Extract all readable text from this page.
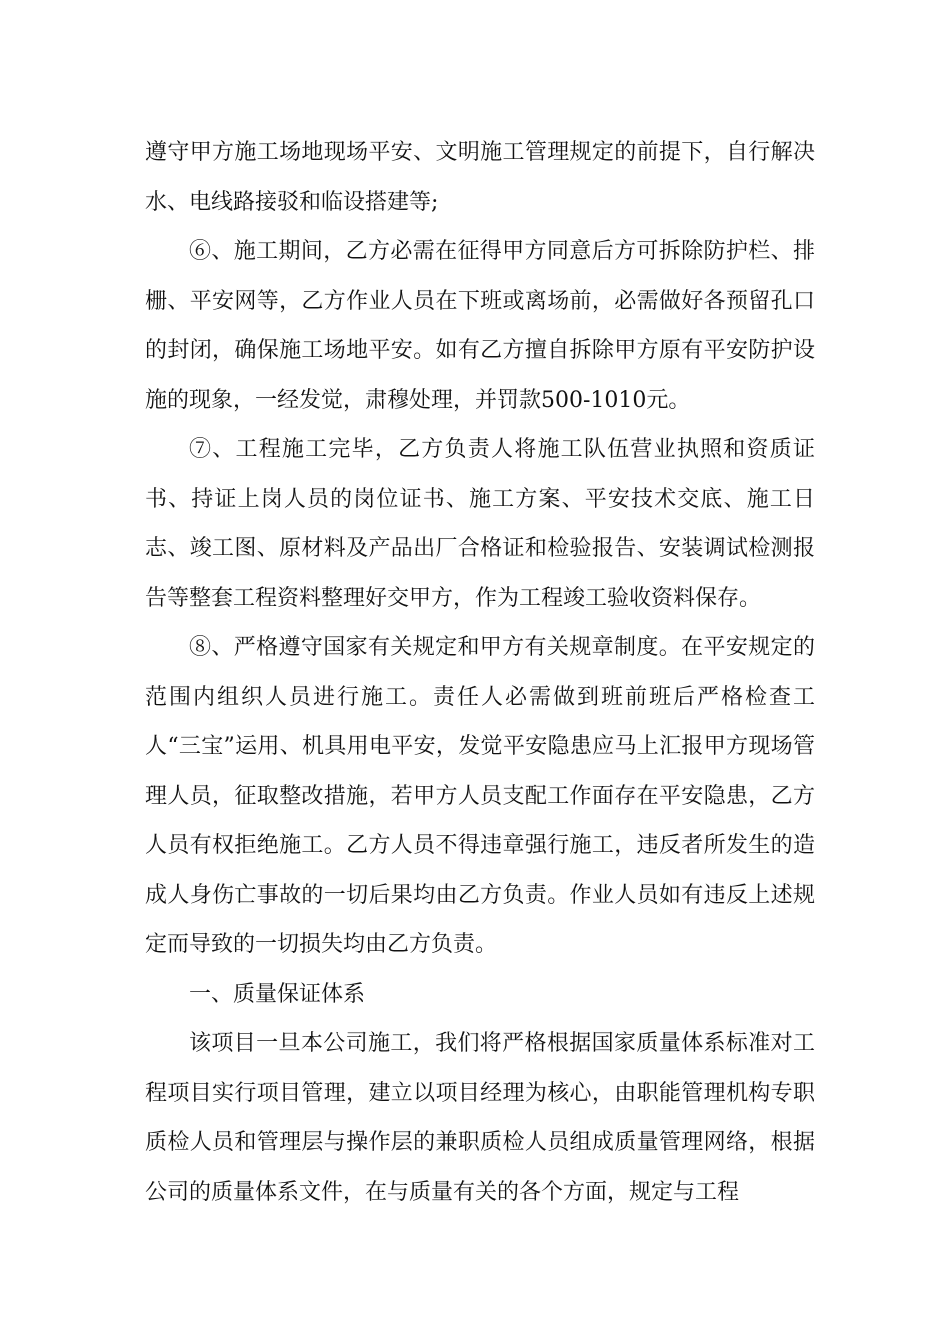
遵守甲方施工场地现场平安、文明施工管理规定的前提下，自行解决水、电线路接驳和临设搭建等;

⑥、施工期间，乙方必需在征得甲方同意后方可拆除防护栏、排栅、平安网等，乙方作业人员在下班或离场前，必需做好各预留孔口的封闭，确保施工场地平安。如有乙方擅自拆除甲方原有平安防护设施的现象，一经发觉，肃穆处理，并罚款500-1010元。

⑦、工程施工完毕，乙方负责人将施工队伍营业执照和资质证书、持证上岗人员的岗位证书、施工方案、平安技术交底、施工日志、竣工图、原材料及产品出厂合格证和检验报告、安装调试检测报告等整套工程资料整理好交甲方，作为工程竣工验收资料保存。

⑧、严格遵守国家有关规定和甲方有关规章制度。在平安规定的范围内组织人员进行施工。责任人必需做到班前班后严格检查工人“三宝”运用、机具用电平安，发觉平安隐患应马上汇报甲方现场管理人员，征取整改措施，若甲方人员支配工作面存在平安隐患，乙方人员有权拒绝施工。乙方人员不得违章强行施工，违反者所发生的造成人身伤亡事故的一切后果均由乙方负责。作业人员如有违反上述规定而导致的一切损失均由乙方负责。

一、质量保证体系

该项目一旦本公司施工，我们将严格根据国家质量体系标准对工程项目实行项目管理，建立以项目经理为核心，由职能管理机构专职质检人员和管理层与操作层的兼职质检人员组成质量管理网络，根据公司的质量体系文件，在与质量有关的各个方面，规定与工程
